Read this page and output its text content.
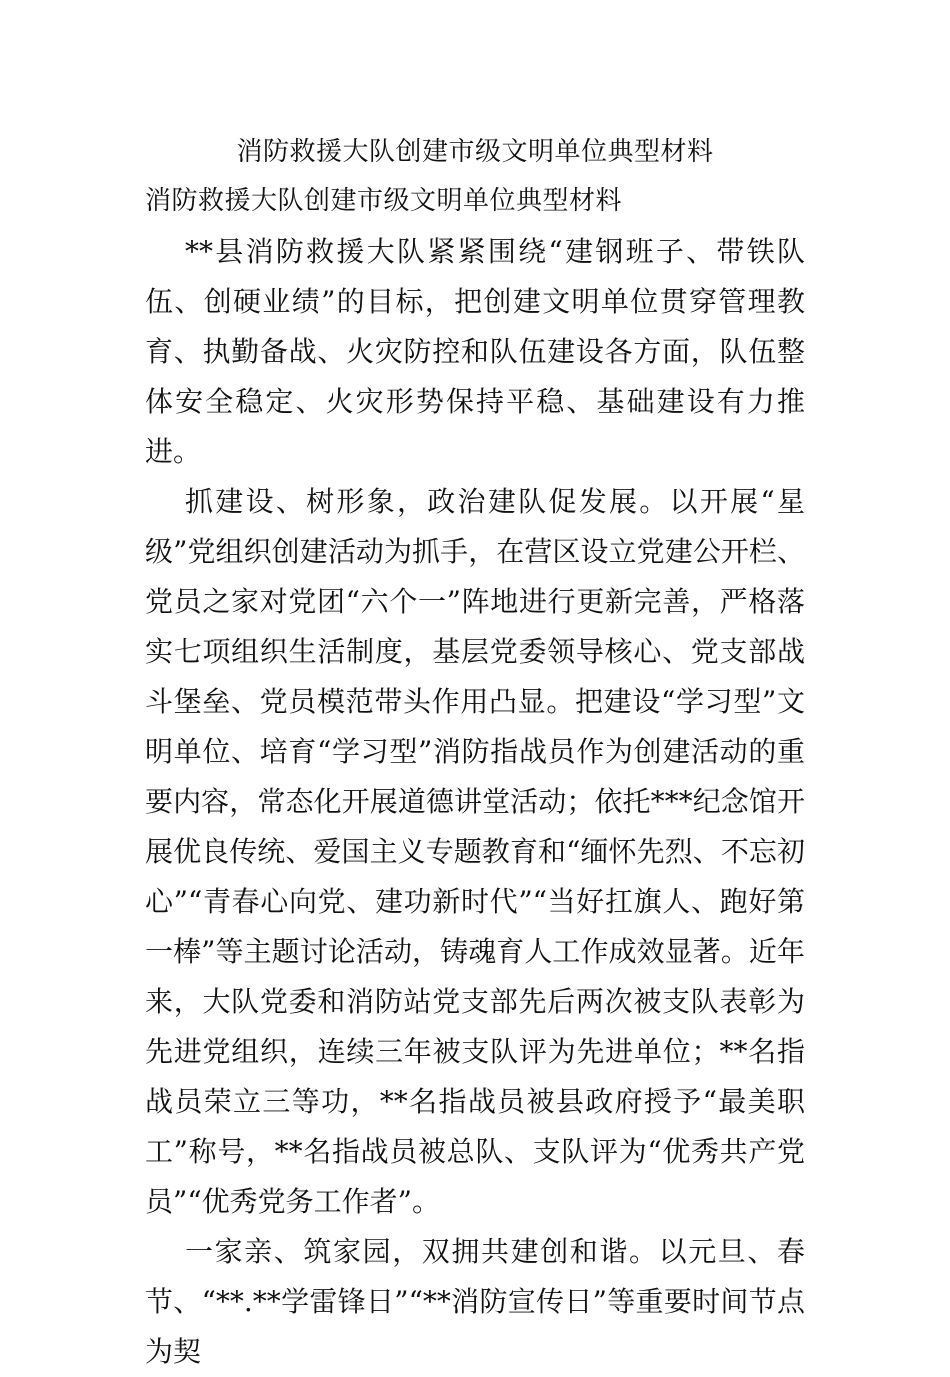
消防救援大队创建市级文明单位典型材料
消防救援大队创建市级文明单位典型材料

**县消防救援大队紧紧围绕“建钢班子、带铁队伍、创硬业绩”的目标，把创建文明单位贯穿管理教育、执勤备战、火灾防控和队伍建设各方面，队伍整体安全稳定、火灾形势保持平稳、基础建设有力推进。

抓建设、树形象，政治建队促发展。以开展“星级”党组织创建活动为抓手，在营区设立党建公开栏、党员之家对党团“六个一”阵地进行更新完善，严格落实七项组织生活制度，基层党委领导核心、党支部战斗堡垒、党员模范带头作用凸显。把建设“学习型”文明单位、培育“学习型”消防指战员作为创建活动的重要内容，常态化开展道德讲堂活动；依托***纪念馆开展优良传统、爱国主义专题教育和“缅怀先烈、不忘初心”“青春心向党、建功新时代”“当好扛旗人、跑好第一棒”等主题讨论活动，铸魂育人工作成效显著。近年来，大队党委和消防站党支部先后两次被支队表彰为先进党组织，连续三年被支队评为先进单位；**名指战员荣立三等功，**名指战员被县政府授予“最美职工”称号，**名指战员被总队、支队评为“优秀共产党员”“优秀党务工作者”。

一家亲、筑家园，双拥共建创和谐。以元旦、春节、“**.**学雷锋日”“**消防宣传日”等重要时间节点为契
